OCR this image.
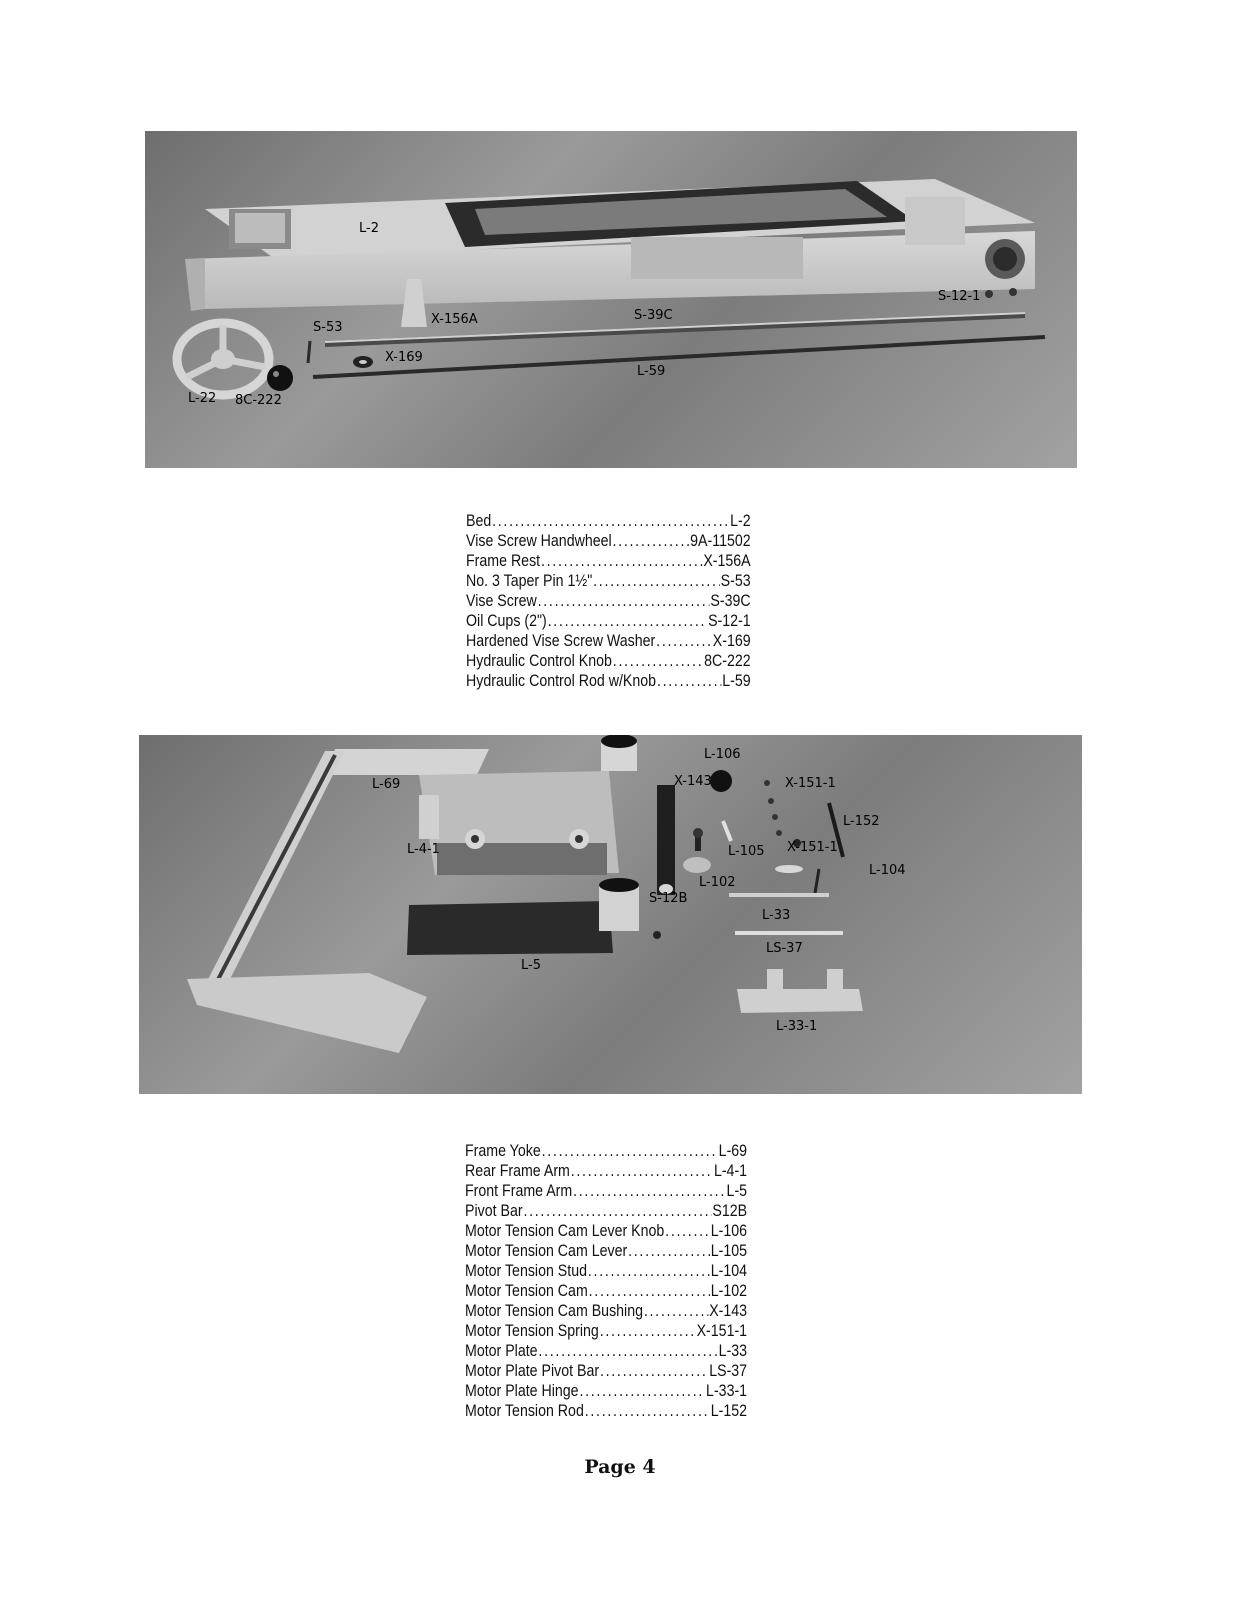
L-2
S-53
X-156A	S-39C
S-12-1
X-169
L-59
L-22 8C-222
Bed .....	L-2
Vise Screw Handwheel .....	9A-11502
Frame Rest .....	X-156A
No. 3 Taper Pin 1½" .....	S-53
Vise Screw .....	S-39C
Oil Cups (2") .....	S-12-1
Hardened Vise Screw Washer .....	X-169
Hydraulic Control Knob .....	8C-222
Hydraulic Control Rod w/Knob .....	L-59
L-69
L-4-1
L-5
L-106
X-143	X-151-1
L-152
L-105 X-151-1
L-104
L-102
S-12B
L-33
LS-37
L-33-1
Frame Yoke .....	L-69
Rear Frame Arm .....	L-4-1
Front Frame Arm .....	L-5
Pivot Bar .....	S12B
Motor Tension Cam Lever Knob .....	L-106
Motor Tension Cam Lever .....	L-105
Motor Tension Stud .....	L-104
Motor Tension Cam .....	L-102
Motor Tension Cam Bushing .....	X-143
Motor Tension Spring .....	X-151-1
Motor Plate .....	L-33
Motor Plate Pivot Bar .....	LS-37
Motor Plate Hinge .....	L-33-1
Motor Tension Rod .....	L-152
Page 4
